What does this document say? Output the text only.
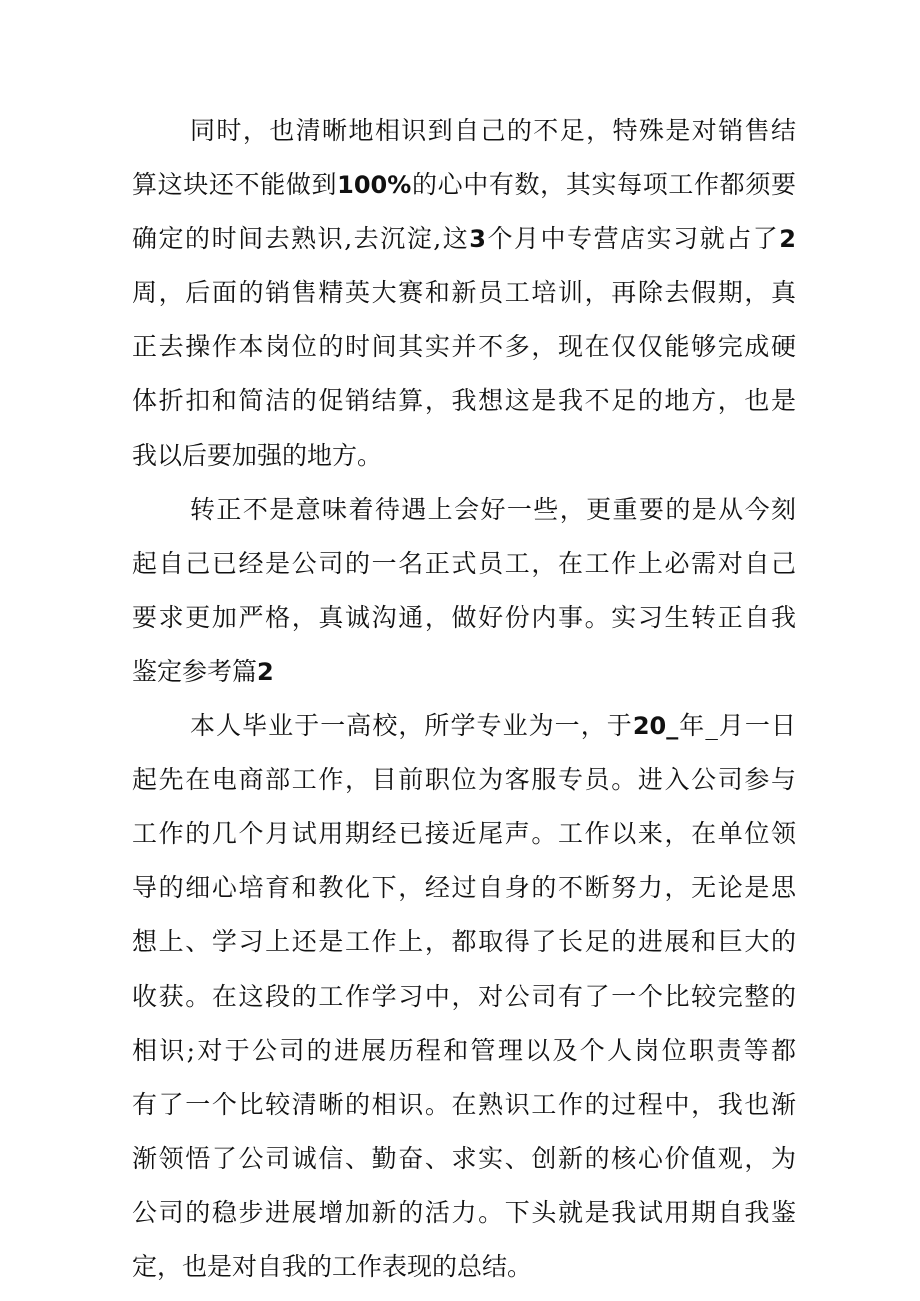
同时，也清晰地相识到自己的不足，特殊是对销售结
算这块还不能做到100%的心中有数，其实每项工作都须要
确定的时间去熟识,去沉淀,这3个月中专营店实习就占了2
周，后面的销售精英大赛和新员工培训，再除去假期，真
正去操作本岗位的时间其实并不多，现在仅仅能够完成硬
体折扣和简洁的促销结算，我想这是我不足的地方，也是
我以后要加强的地方。
转正不是意味着待遇上会好一些，更重要的是从今刻
起自己已经是公司的一名正式员工，在工作上必需对自己
要求更加严格，真诚沟通，做好份内事。实习生转正自我
鉴定参考篇2
本人毕业于一高校，所学专业为一，于20_年_月一日
起先在电商部工作，目前职位为客服专员。进入公司参与
工作的几个月试用期经已接近尾声。工作以来，在单位领
导的细心培育和教化下，经过自身的不断努力，无论是思
想上、学习上还是工作上，都取得了长足的进展和巨大的
收获。在这段的工作学习中，对公司有了一个比较完整的
相识;对于公司的进展历程和管理以及个人岗位职责等都
有了一个比较清晰的相识。在熟识工作的过程中，我也渐
渐领悟了公司诚信、勤奋、求实、创新的核心价值观，为
公司的稳步进展增加新的活力。下头就是我试用期自我鉴
定，也是对自我的工作表现的总结。
